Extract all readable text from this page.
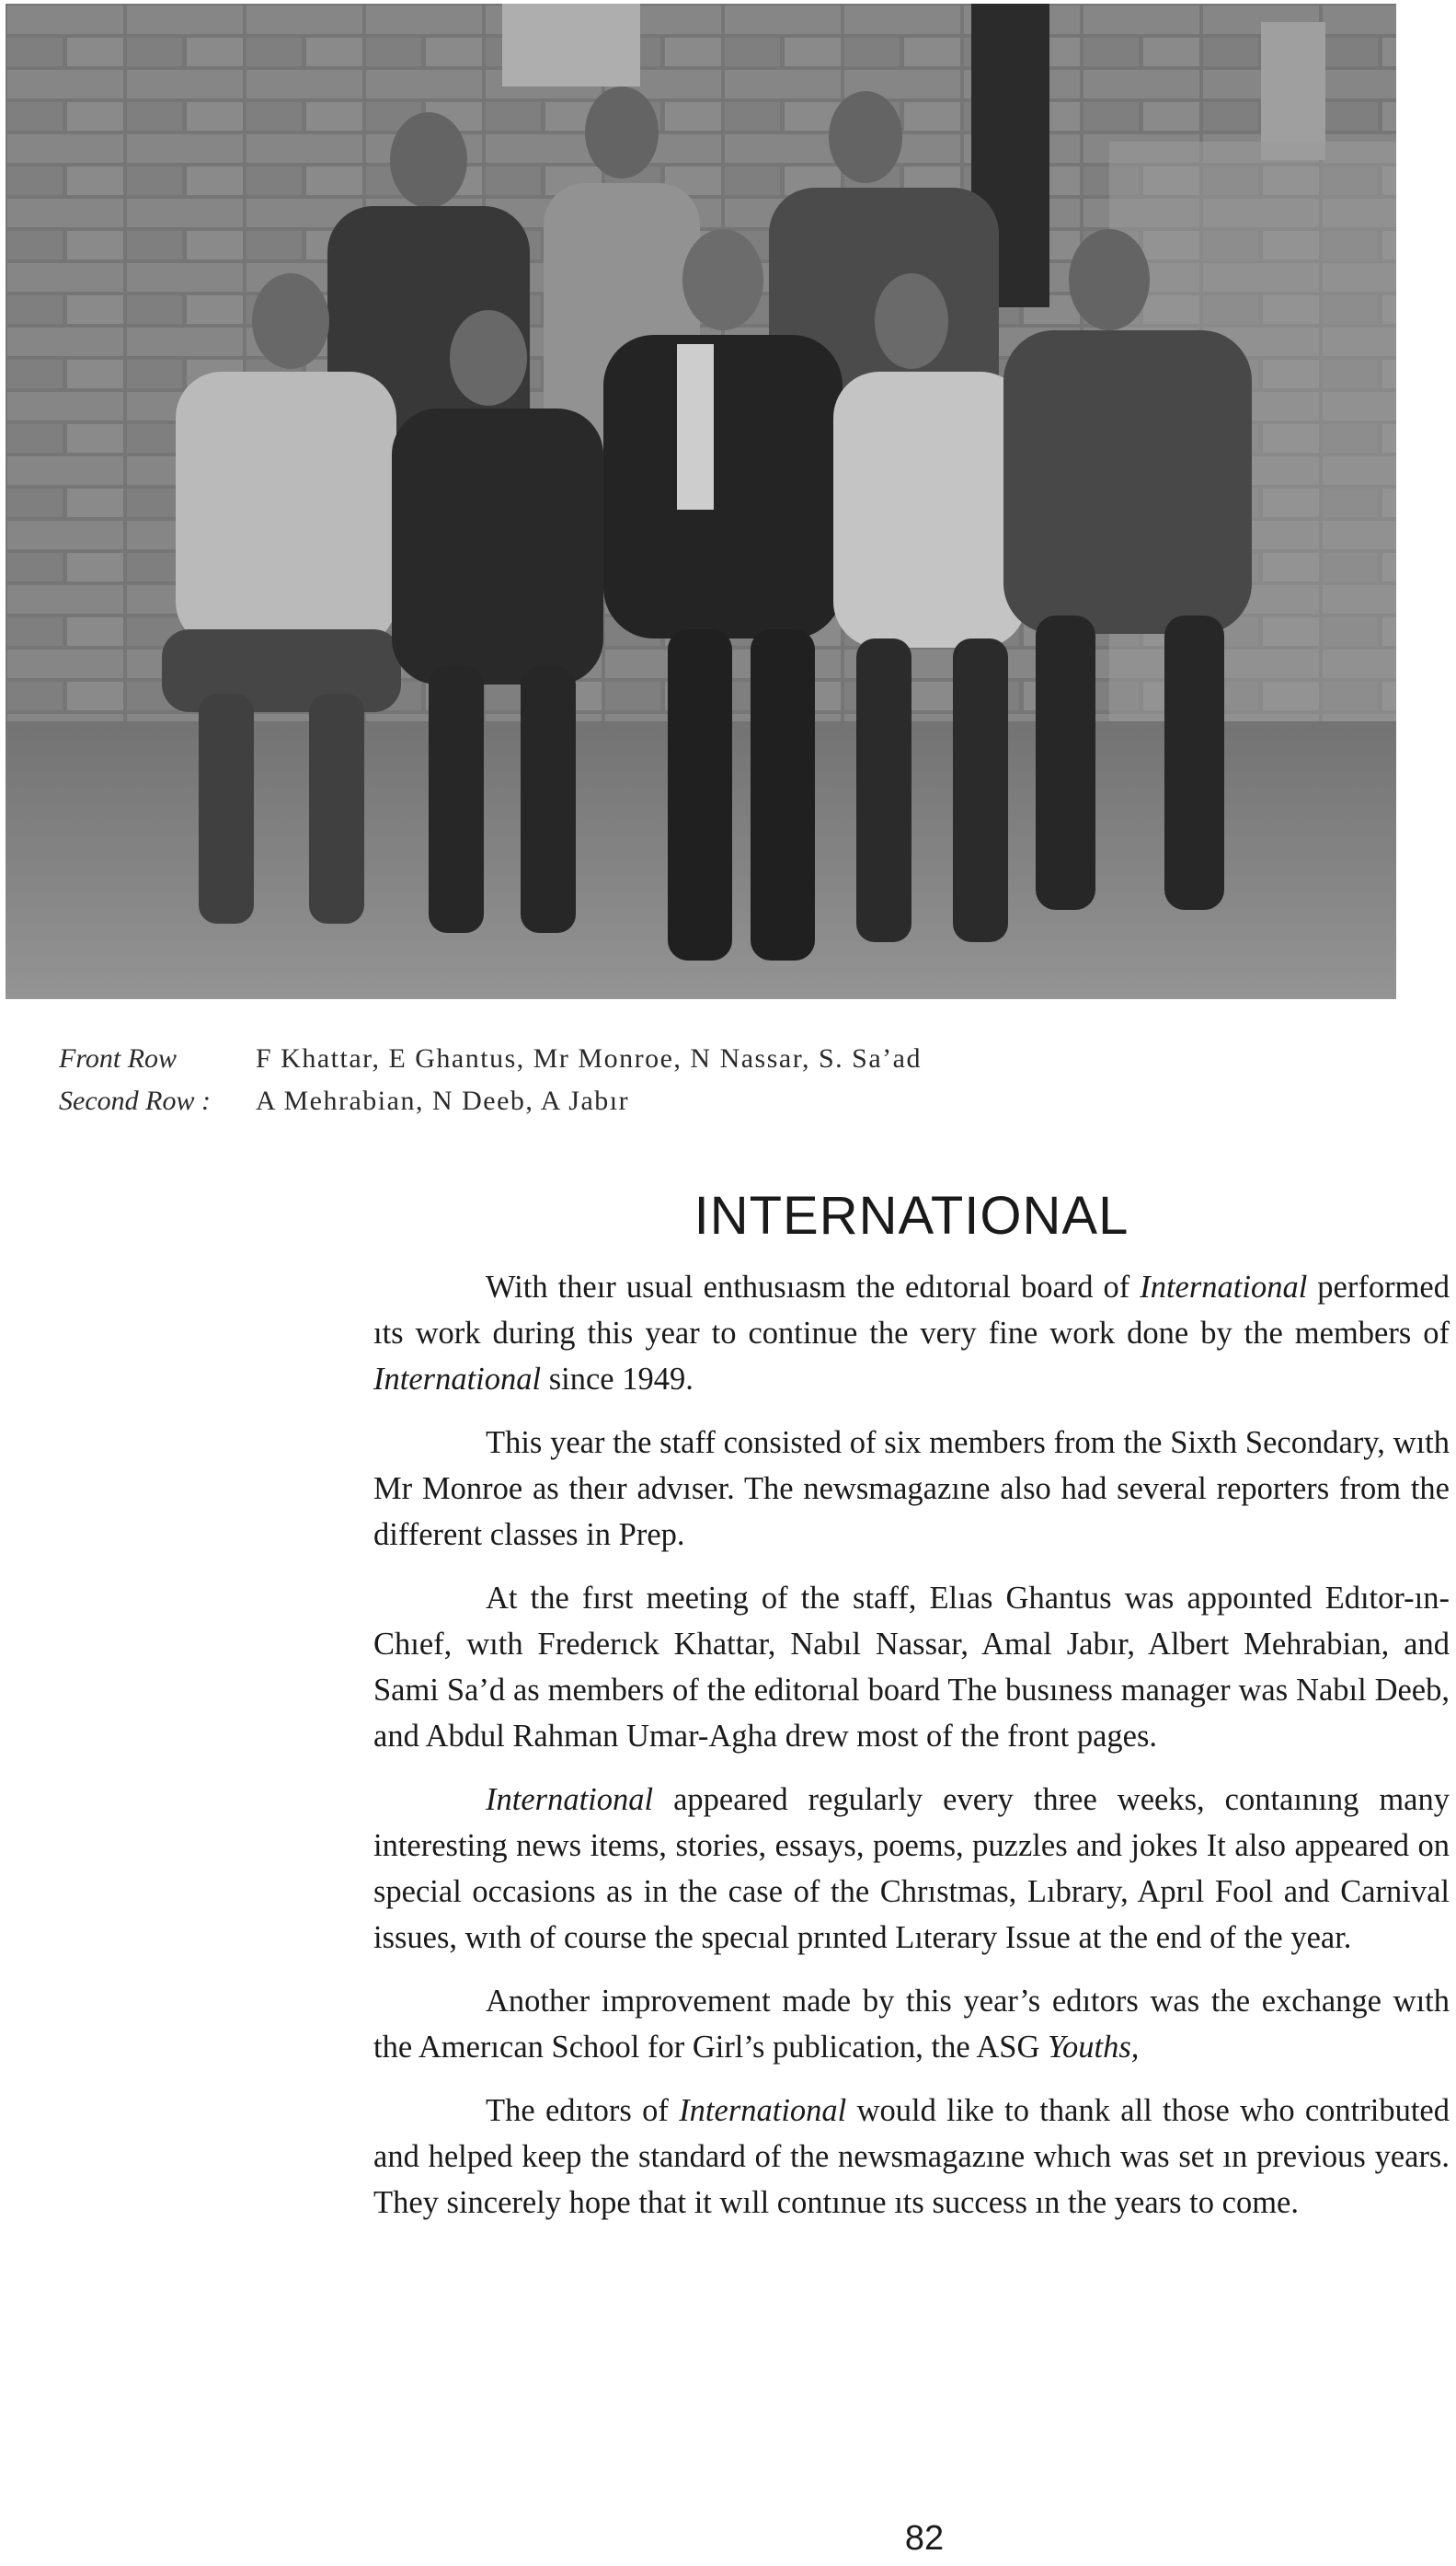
Front Row	F Khattar, E Ghantus, Mr Monroe, N Nassar, S. Sa’ad
Second Row : A Mehrabian, N Deeb, A Jabır
INTERNATIONAL

With theır usual enthusıasm the edıtorıal board of International performed ıts work during this year to continue the very fine work done by the members of International since 1949.

This year the staff consisted of six members from the Sixth Secondary, wıth Mr Monroe as theır advıser. The newsmagazıne also had several reporters from the different classes in Prep.

At the fırst meeting of the staff, Elıas Ghantus was appoınted Edıtor-ın-Chıef, wıth Frederıck Khattar, Nabıl Nassar, Amal Jabır, Albert Mehrabian, and Sami Sa’d as members of the editorıal board The busıness manager was Nabıl Deeb, and Abdul Rahman Umar-Agha drew most of the front pages.

International appeared regularly every three weeks, contaınıng many interesting news items, stories, essays, poems, puzzles and jokes It also appeared on special occasions as in the case of the Chrıstmas, Lıbrary, Aprıl Fool and Carnival issues, wıth of course the specıal prınted Lıterary Issue at the end of the year.

Another improvement made by this year’s edıtors was the exchange wıth the Amerıcan School for Girl’s publication, the ASG Youths,

The edıtors of International would like to thank all those who contributed and helped keep the standard of the newsmagazıne whıch was set ın previous years. They sincerely hope that it wıll contınue ıts success ın the years to come.

82
